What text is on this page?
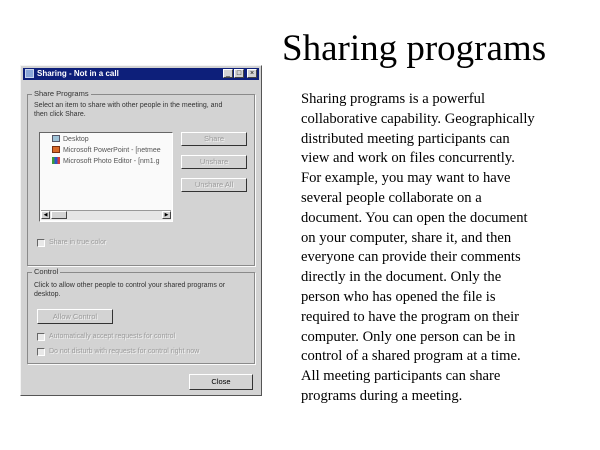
Sharing programs
Sharing programs is a powerful
collaborative capability. Geographically
distributed meeting participants can
view and work on files concurrently.
For example, you may want to have
several people collaborate on a
document. You can open the document
on your computer, share it, and then
everyone can provide their comments
directly in the document. Only the
person who has opened the file is
required to have the program on their
computer. Only one person can be in
control of a shared program at a time.
All meeting participants can share
programs during a meeting.
Sharing - Not in a call	_ □	×
Share Programs
Select an item to share with other people in the meeting, and
then click Share.
Desktop
Microsoft PowerPoint - [netmee
Microsoft Photo Editor - [nm1.g
◀	▶
Share
Unshare
Unshare All
Share in true color
Control
Click to allow other people to control your shared programs or
desktop.
Allow Control
Automatically accept requests for control
Do not disturb with requests for control right now
Close
